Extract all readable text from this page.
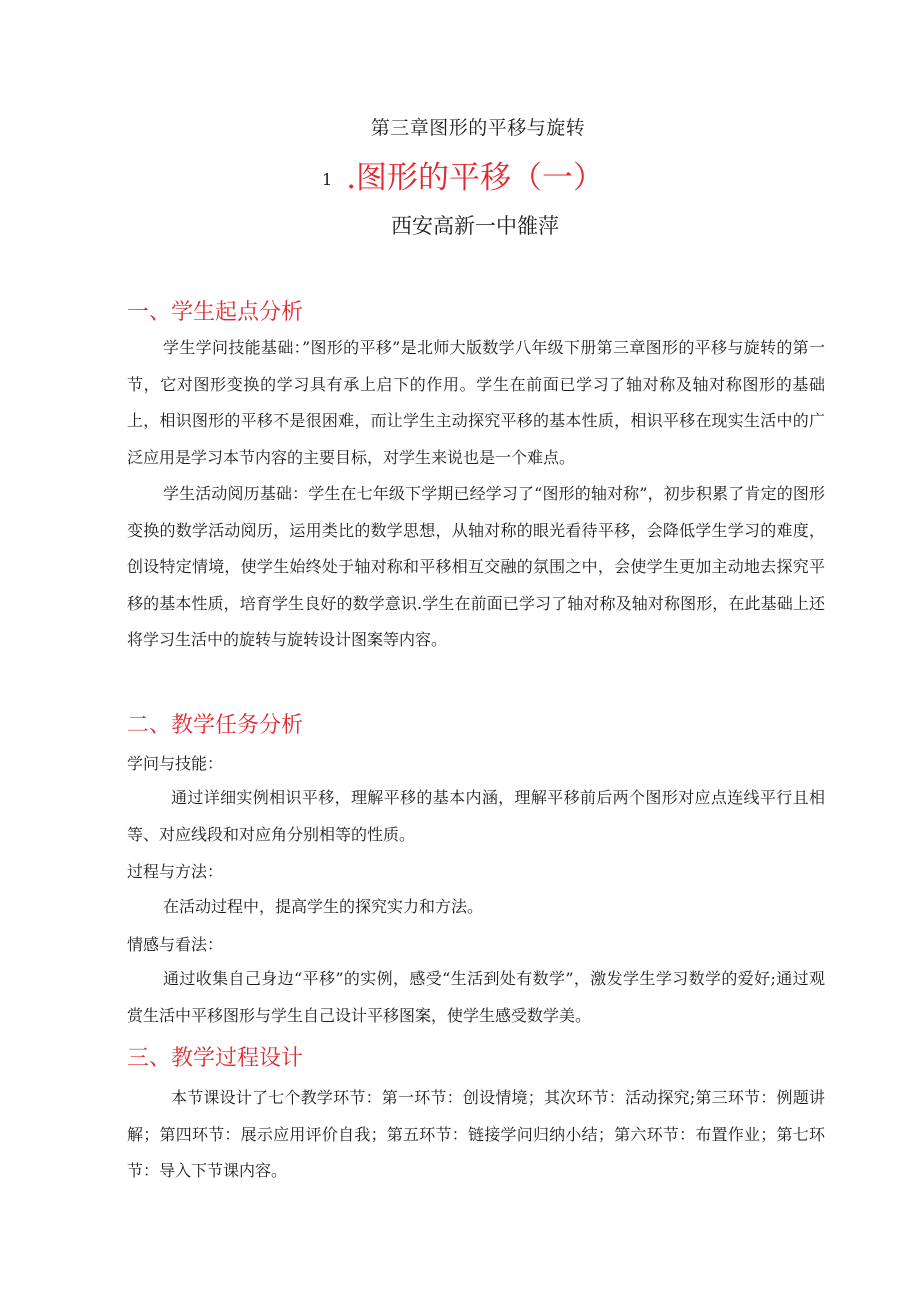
第三章图形的平移与旋转
1 .图形的平移（一）
西安高新一中雒萍
一、学生起点分析

学生学问技能基础：”图形的平移”是北师大版数学八年级下册第三章图形的平移与旋转的第一节，它对图形变换的学习具有承上启下的作用。学生在前面已学习了轴对称及轴对称图形的基础上，相识图形的平移不是很困难，而让学生主动探究平移的基本性质，相识平移在现实生活中的广泛应用是学习本节内容的主要目标，对学生来说也是一个难点。

学生活动阅历基础：学生在七年级下学期已经学习了“图形的轴对称”，初步积累了肯定的图形变换的数学活动阅历，运用类比的数学思想，从轴对称的眼光看待平移，会降低学生学习的难度，创设特定情境，使学生始终处于轴对称和平移相互交融的氛围之中，会使学生更加主动地去探究平移的基本性质，培育学生良好的数学意识.学生在前面已学习了轴对称及轴对称图形，在此基础上还将学习生活中的旋转与旋转设计图案等内容。

二、教学任务分析
学问与技能：

通过详细实例相识平移，理解平移的基本内涵，理解平移前后两个图形对应点连线平行且相等、对应线段和对应角分别相等的性质。

过程与方法：

在活动过程中，提高学生的探究实力和方法。

情感与看法：

通过收集自己身边“平移”的实例，感受“生活到处有数学”，激发学生学习数学的爱好;通过观赏生活中平移图形与学生自己设计平移图案，使学生感受数学美。

三、教学过程设计

本节课设计了七个教学环节：第一环节：创设情境；其次环节：活动探究;第三环节：例题讲解；第四环节：展示应用评价自我；第五环节：链接学问归纳小结；第六环节：布置作业；第七环节：导入下节课内容。
